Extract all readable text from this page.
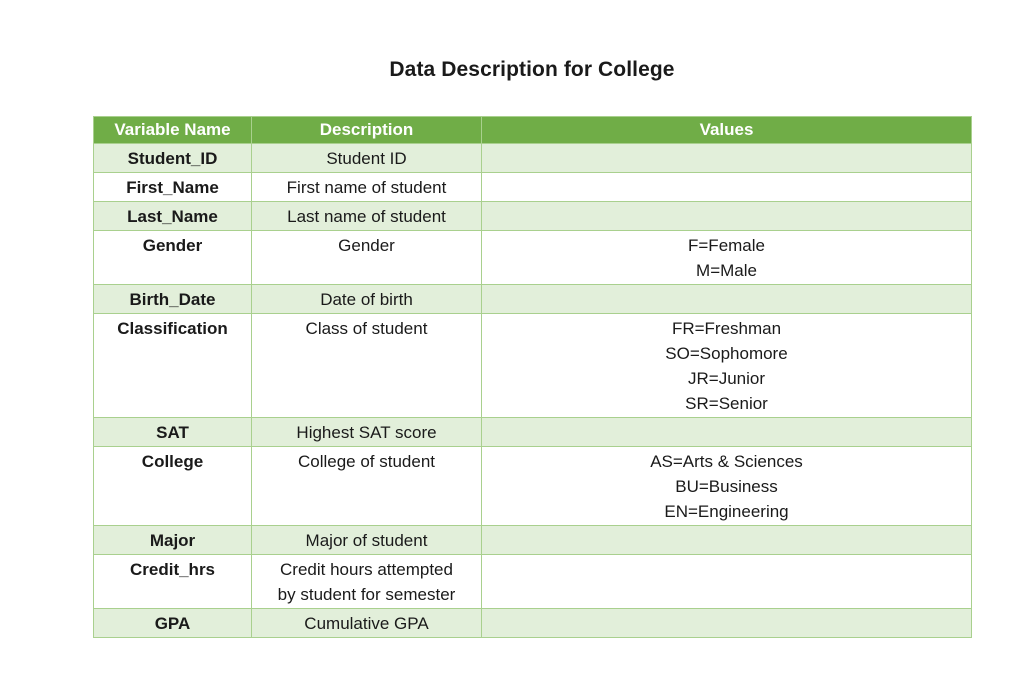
Data Description for College
Variable Name	Description	Values
Student_ID	Student ID	

First_Name	First name of student	

Last_Name	Last name of student	

Gender	Gender	F=Female
M=Male

Birth_Date	Date of birth	

Classification	Class of student	FR=Freshman
SO=Sophomore
JR=Junior
SR=Senior

SAT	Highest SAT score	

College	College of student	AS=Arts & Sciences
BU=Business
EN=Engineering

Major	Major of student	

Credit_hrs	Credit hours attempted
by student for semester	

GPA	Cumulative GPA	
